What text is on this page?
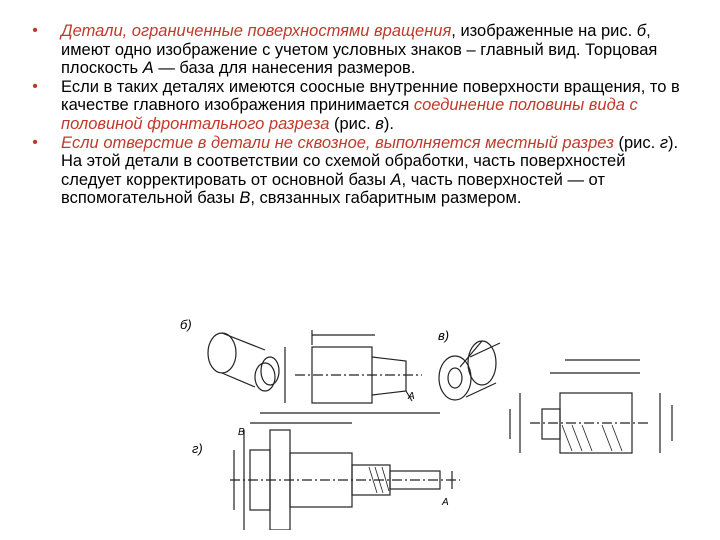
• Детали, ограниченные поверхностями вращения, изображенные на рис. б, имеют одно изображение с учетом условных знаков – главный вид. Торцовая плоскость А — база для нанесения размеров.
• Если в таких деталях имеются соосные внутренние поверхности вращения, то в качестве главного изображения принимается соединение половины вида с половиной фронтального разреза (рис. в).
• Если отверстие в детали не сквозное, выполняется местный разрез (рис. г). На этой детали в соответствии со схемой обработки, часть поверхностей следует корректировать от основной базы А, часть поверхностей — от вспомогательной базы В, связанных габаритным размером.
б)
в)
г)
А
А
В
